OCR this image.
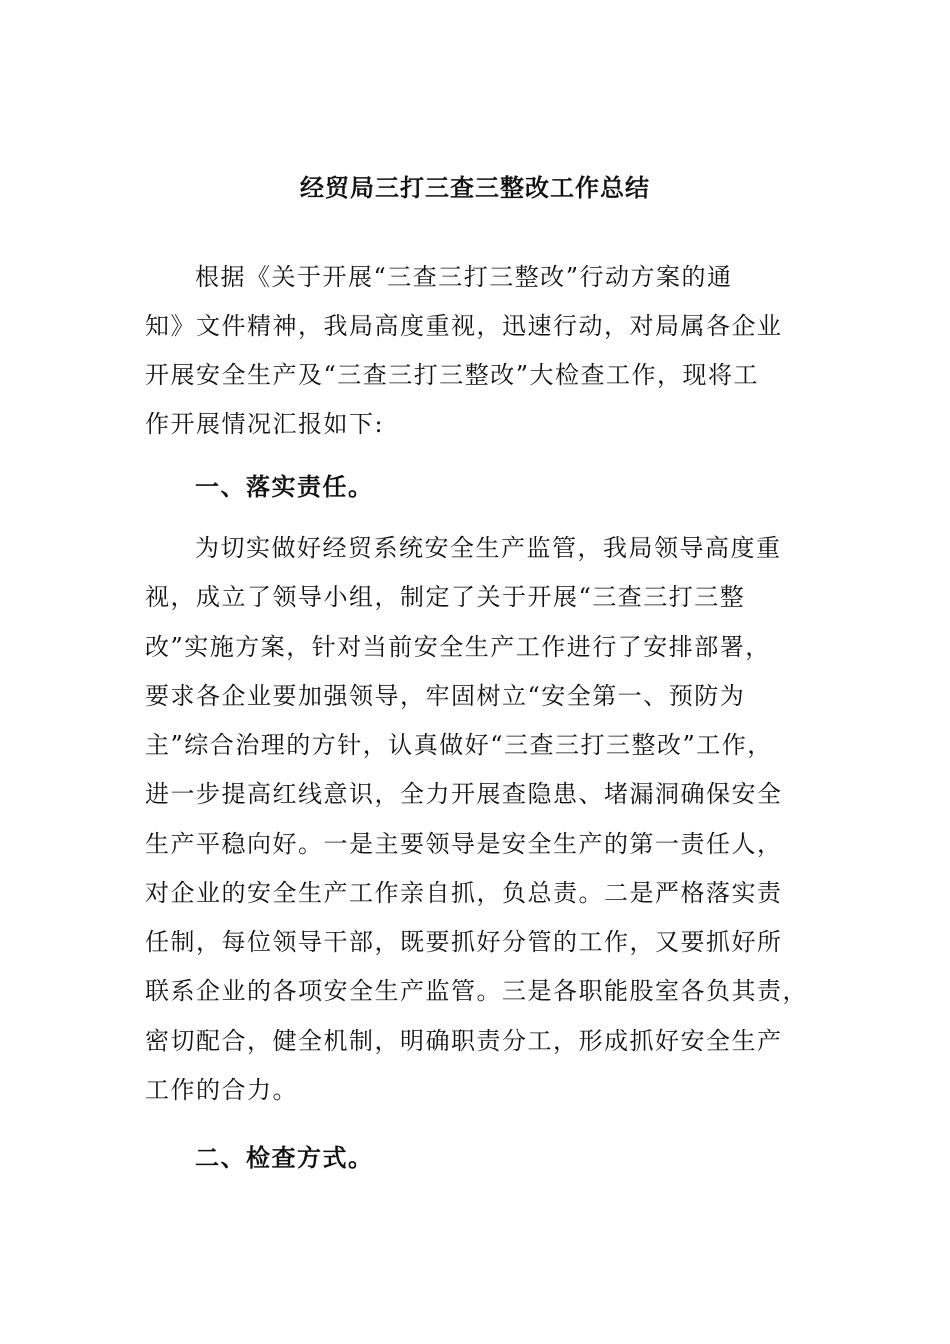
经贸局三打三查三整改工作总结
根据《关于开展“三查三打三整改”行动方案的通
知》文件精神，我局高度重视，迅速行动，对局属各企业
开展安全生产及“三查三打三整改”大检查工作，现将工
作开展情况汇报如下:
一、落实责任。
为切实做好经贸系统安全生产监管，我局领导高度重
视，成立了领导小组，制定了关于开展“三查三打三整
改”实施方案，针对当前安全生产工作进行了安排部署，
要求各企业要加强领导，牢固树立“安全第一、预防为
主”综合治理的方针，认真做好“三查三打三整改”工作，
进一步提高红线意识，全力开展查隐患、堵漏洞确保安全
生产平稳向好。一是主要领导是安全生产的第一责任人，
对企业的安全生产工作亲自抓，负总责。二是严格落实责
任制，每位领导干部，既要抓好分管的工作，又要抓好所
联系企业的各项安全生产监管。三是各职能股室各负其责，
密切配合，健全机制，明确职责分工，形成抓好安全生产
工作的合力。
二、检查方式。
